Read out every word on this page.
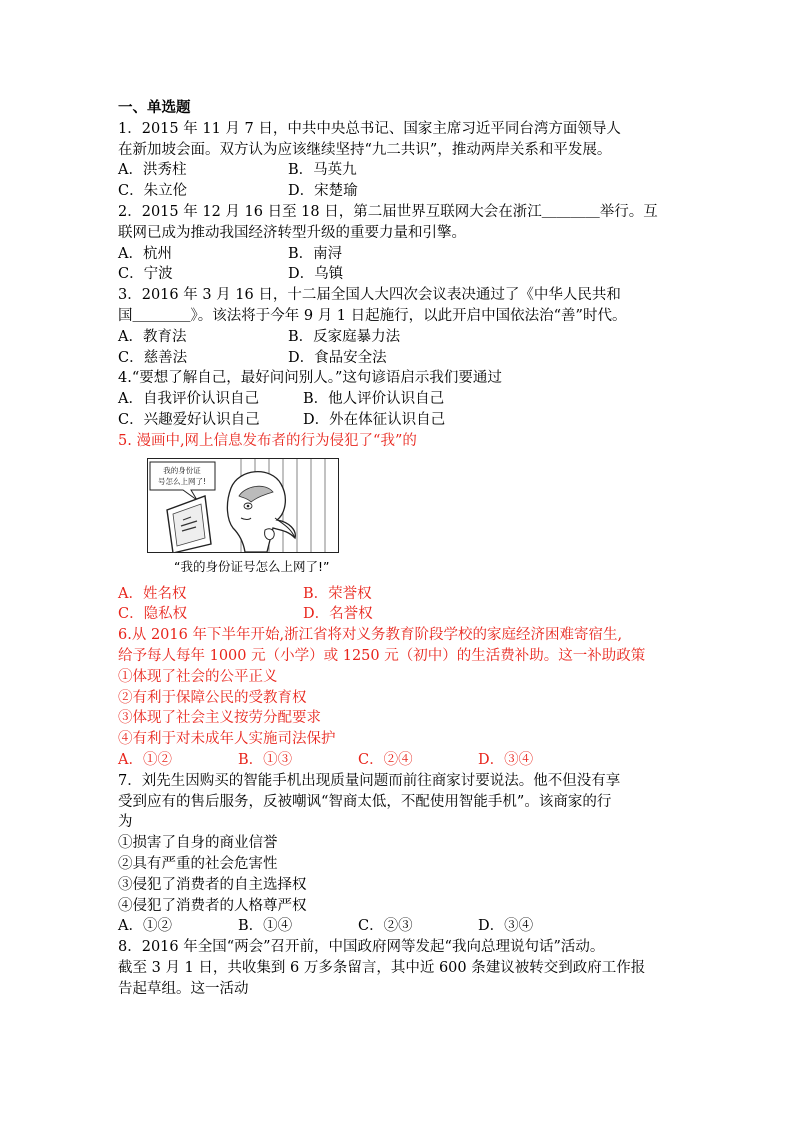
一、单选题
1．2015 年 11 月 7 日，中共中央总书记、国家主席习近平同台湾方面领导人
在新加坡会面。双方认为应该继续坚持“九二共识”，推动两岸关系和平发展。
A．洪秀柱	B．马英九
C．朱立伦	D．宋楚瑜
2．2015 年 12 月 16 日至 18 日，第二届世界互联网大会在浙江＿＿＿＿举行。互
联网已成为推动我国经济转型升级的重要力量和引擎。
A．杭州	B．南浔
C．宁波	D．乌镇
3．2016 年 3 月 16 日，十二届全国人大四次会议表决通过了《中华人民共和
国＿＿＿＿》。该法将于今年 9 月 1 日起施行，以此开启中国依法治“善”时代。
A．教育法	B．反家庭暴力法
C．慈善法	D．食品安全法
4.“要想了解自己，最好问问别人。”这句谚语启示我们要通过
A．自我评价认识自己	B．他人评价认识自己
C．兴趣爱好认识自己	D．外在体征认识自己
5. 漫画中,网上信息发布者的行为侵犯了“我”的
我的身份证
号怎么上网了!
“我的身份证号怎么上网了!”
A．姓名权	B．荣誉权
C．隐私权	D．名誉权
6.从 2016 年下半年开始,浙江省将对义务教育阶段学校的家庭经济困难寄宿生,
给予每人每年 1000 元（小学）或 1250 元（初中）的生活费补助。这一补助政策
①体现了社会的公平正义
②有利于保障公民的受教育权
③体现了社会主义按劳分配要求
④有利于对未成年人实施司法保护
A．①②	B．①③	C．②④	D．③④
7．刘先生因购买的智能手机出现质量问题而前往商家讨要说法。他不但没有享
受到应有的售后服务，反被嘲讽“智商太低，不配使用智能手机”。该商家的行
为
①损害了自身的商业信誉
②具有严重的社会危害性
③侵犯了消费者的自主选择权
④侵犯了消费者的人格尊严权
A．①②	B．①④	C．②③	D．③④
8．2016 年全国“两会”召开前，中国政府网等发起“我向总理说句话”活动。
截至 3 月 1 日，共收集到 6 万多条留言，其中近 600 条建议被转交到政府工作报
告起草组。这一活动
